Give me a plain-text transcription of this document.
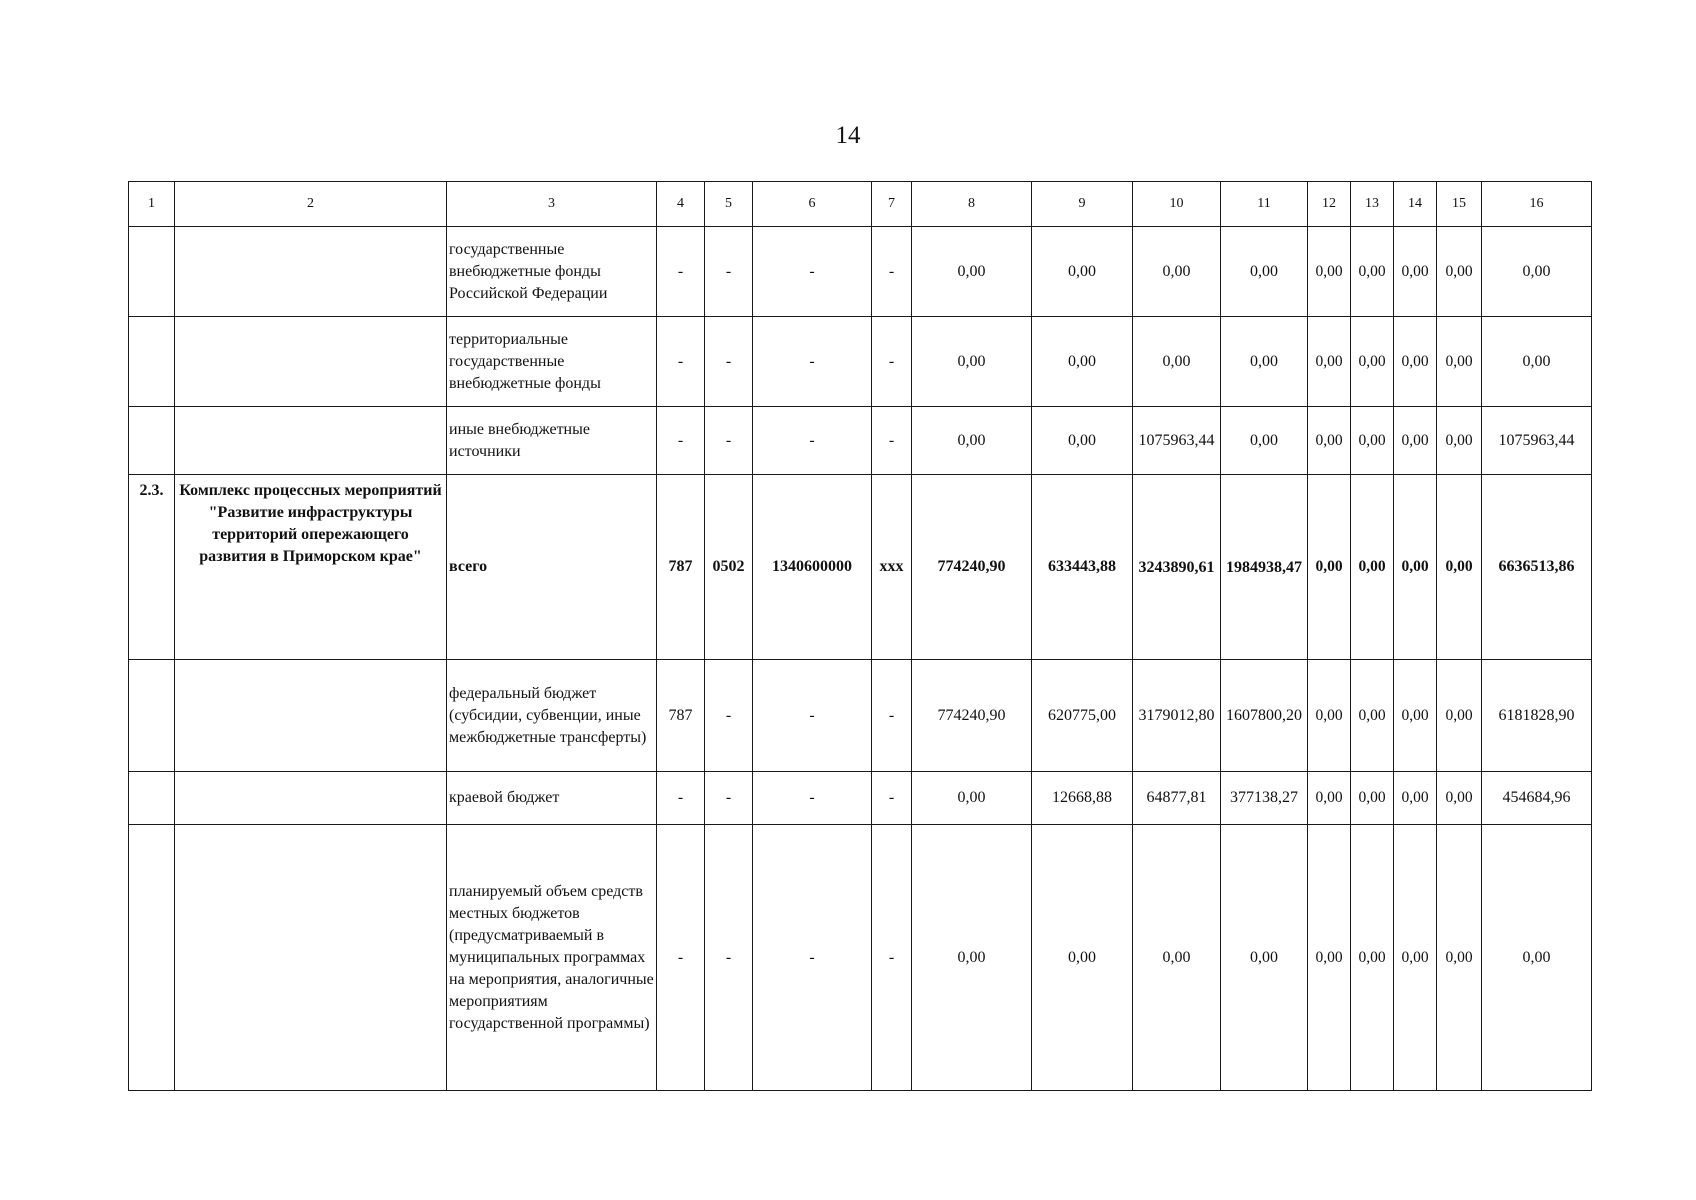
14
1	2	3	4	5	6	7	8	9	10	11	12	13	14	15	16
		государственные внебюджетные фонды Российской Федерации	-	-	-	-	0,00	0,00	0,00	0,00	0,00	0,00	0,00	0,00	0,00
		территориальные государственные внебюджетные фонды	-	-	-	-	0,00	0,00	0,00	0,00	0,00	0,00	0,00	0,00	0,00
		иные внебюджетные источники	-	-	-	-	0,00	0,00	1075963,44	0,00	0,00	0,00	0,00	0,00	1075963,44
2.3.	Комплекс процессных мероприятий "Развитие инфраструктуры территорий опережающего развития в Приморском крае"	всего	787	0502	1340600000	ххх	774240,90	633443,88	3243890,61	1984938,47	0,00	0,00	0,00	0,00	6636513,86
		федеральный бюджет (субсидии, субвенции, иные межбюджетные трансферты)	787	-	-	-	774240,90	620775,00	3179012,80	1607800,20	0,00	0,00	0,00	0,00	6181828,90
		краевой бюджет	-	-	-	-	0,00	12668,88	64877,81	377138,27	0,00	0,00	0,00	0,00	454684,96
		планируемый объем средств местных бюджетов (предусматриваемый в муниципальных программах на мероприятия, аналогичные мероприятиям государственной программы)	-	-	-	-	0,00	0,00	0,00	0,00	0,00	0,00	0,00	0,00	0,00
